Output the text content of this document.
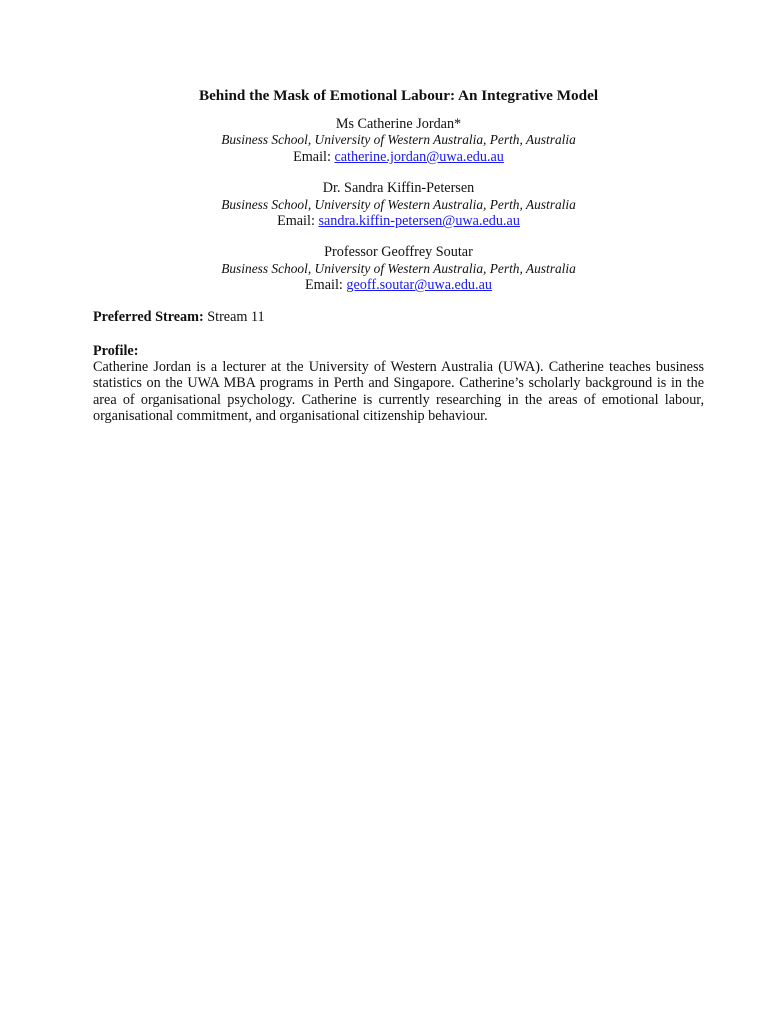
Behind the Mask of Emotional Labour: An Integrative Model
Ms Catherine Jordan*
Business School, University of Western Australia, Perth, Australia
Email: catherine.jordan@uwa.edu.au
Dr. Sandra Kiffin-Petersen
Business School, University of Western Australia, Perth, Australia
Email: sandra.kiffin-petersen@uwa.edu.au
Professor Geoffrey Soutar
Business School, University of Western Australia, Perth, Australia
Email: geoff.soutar@uwa.edu.au

Preferred Stream: Stream 11

Profile:

Catherine Jordan is a lecturer at the University of Western Australia (UWA). Catherine teaches business statistics on the UWA MBA programs in Perth and Singapore. Catherine’s scholarly background is in the area of organisational psychology. Catherine is currently researching in the areas of emotional labour, organisational commitment, and organisational citizenship behaviour.
